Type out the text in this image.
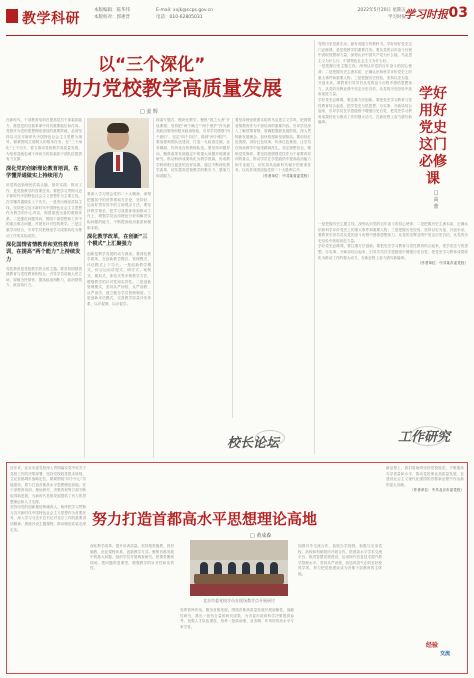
教学科研
本版编辑：陈华伟
本版校对：郭惠晋
E-mail: xxjk@ccps.gov.cn
电话：010-62805031
2022年5月20日 星期五
学习时报
学习时报 03
以“三个深化”
助力党校教学高质量发展
□ 姜 辉
在新时代，干部教育培训在提高党员干部素质能力、推进党的自我革命中具有重要地位和作用。党校作为党的思想理论建设的重要阵地，必须坚持以习近平新时代中国特色社会主义思想为指导，紧紧围绕立德树人的根本任务，在“三个深化”上下功夫，着力推动党校教学高质量发展，为培养造就忠诚干净担当的高素质干部队伍提供有力支撑。
深化党的创新理论教育培训，在学懂弄通做实上持续用力
用党的创新理论武装头脑、指导实践、推动工作，是党校教学的首要任务。要把学习贯彻习近平新时代中国特色社会主义思想作为主课主线，在学懂弄通做实上下功夫。一是突出理论武装主线，坚持把习近平新时代中国特色社会主义思想作为教学的中心内容，构建系统完备的课程体系。二是强化问题导向，围绕干部思想和工作中的重点难点问题，开展有针对性的教学。三是注重学用结合，引导学员把理论学习成果转化为推动工作的实际成效。
深化国情省情教育和党性教育培训，在提高“两个能力”上持续发力
党性教育是党校教学的永恒主题。要坚持国情省情教育与党性教育相结合，引导学员站稳人民立场，厚植为民情怀，提高政治判断力、政治领悟力、政治执行力。
要深入学习领会党的二十大精神，深刻把握其中的世界观和方法论，坚持好、运用好贯穿其中的立场观点方法。要坚持教学相长，把学习成果体现到推动工作上，增强学员运用理论分析和解决实际问题的能力，不断提高政治素质和履职本领。
深化教学改革，在创新“三个模式”上汇聚强力
创新是教学发展的动力源泉。要深化教学改革，在创新教学模式、管理模式、评估模式上下功夫。一是创新教学模式，综合运用讲授式、研讨式、案例式、模拟式、体验式等多种教学方法，增强教学的针对性和实效性。二是创新管理模式，坚持从严治校、从严治教、从严治学，建立健全学员管理制度。三是创新评估模式，完善教学质量评估体系，以评促教、以评促学。
探索专题式、模块化教学，聚焦“国之大者”开设课程。坚持把“两个确立”“两个维护”作为最高政治原则和根本政治规矩，引导学员增强“四个意识”、坚定“四个自信”、做到“两个维护”。要加强师资队伍建设，打造一支政治过硬、业务精湛、作风优良的教师队伍。要坚持问题导向，聚焦改革发展稳定中的重大问题开展调查研究，推动科研成果转化为教学资源，形成教学科研相互促进的良好局面。通过不断深化教学改革，切实提高党校教学的吸引力、感染力和说服力。
要坚持理论联系实际的马克思主义学风，把国情省情教育作为干部培训的重要内容。引导学员深入了解国情省情，准确把握新发展阶段、深入贯彻新发展理念、加快构建新发展格局。要用好红色资源，讲好红色故事，传承红色基因，让学员在现场教学中接受精神洗礼，坚定理想信念，锤炼党性修养。要坚持把增强党性作为干部教育培训的重点，推动学员在学思践悟中提高政治能力和专业能力，切实担负起新时代赋予的使命任务，以优异成绩迎接党的二十大胜利召开。
（作者单位：中共某省委党校）
党的历史是最生动、最有说服力的教科书。学好用好党史这门必修课，是党校教学的重要任务。要从党的百年奋斗历程中汲取智慧和力量，深刻认识中国共产党为什么能、马克思主义为什么行、中国特色社会主义为什么好。
一是把握历史主题主线，深刻认识党的百年奋斗的初心使命；二是把握历史主流本质，正确认识和科学评价党史上的重大事件和重要人物；三是把握历史经验，坚持以史为鉴、开创未来。要教育引导学员从党的奋斗历程中感悟思想伟力，从党的光辉业绩中坚定历史自信，从党的历史经验中汲取前进力量。
学好党史必修课，要注重方法创新。要把党史学习教育与党性教育结合起来，把学党史与悟思想、办实事、开新局结合起来，引导学员在学思践悟中增强历史自觉，把党史学习教育成果转化为推动工作的强大动力，在新征程上奋力谱写新篇章。
学好用好党史这门必修课
□ 高 蕾
一是把握历史主题主线，深刻认识党的百年奋斗的初心使命；二是把握历史主流本质，正确认识和科学评价党史上的重大事件和重要人物；三是把握历史经验，坚持以史为鉴、开创未来。要教育引导学员从党的奋斗历程中感悟思想伟力，从党的光辉业绩中坚定历史自信，从党的历史经验中汲取前进力量。
学好党史必修课，要注重方法创新。要把党史学习教育与党性教育结合起来，把学党史与悟思想、办实事、开新局结合起来，引导学员在学思践悟中增强历史自觉，把党史学习教育成果转化为推动工作的强大动力，在新征程上奋力谱写新篇章。
（作者单位：中共某市委党校）
校长论坛	工作研究
努力打造首都高水平思想理论高地
□ 黄成森
近年来，北京市委党校深入贯彻落实党中央关于党校工作的决策部署，坚持党校姓党根本原则，立足首都城市战略定位，紧紧围绕“四个中心”功能建设，着力打造首都高水平思想理论高地。在干部教育培训、理论研究、决策咨询等方面不断取得新进展，为新时代首都发展提供了有力的思想保证和人才支撑。
坚持用党的创新理论铸魂育人。始终把学习贯彻习近平新时代中国特色社会主义思想作为首要任务，深入学习习近平总书记对北京工作的重要讲话精神，系统开设主题课程，推动理论武装走深走实。
深化教学改革，提升培训质量。坚持按需施教、因材施教，优化课程体系，创新教学方式。聚焦首都发展中的重大问题，组织学员开展调查研究，把课堂搬到现场，把问题带进课堂，增强教学的针对性和实效性。
发挥智库作用，服务首都发展。围绕首都高质量发展开展前瞻性、战略性研究，推出一批有分量的研究成果，为市委市政府科学决策提供参考。加强人才队伍建设，培养一批政治强、业务精、作风好的高水平专家学者。
加强对外交流合作，拓展办学视野。积极与兄弟党校、高校和科研院所开展合作，搭建高水平学术交流平台。推进智慧党校建设，运用现代信息技术提升教学管理水平。坚持从严治校，营造风清气正的良好校风学风，努力把党校建设成为首都干部教育的主阵地。
新征程上，我们将始终坚持党校姓党，不断提高办学质量和水平，推动党校事业高质量发展，在建设社会主义现代化强国的首都新征程中作出新的更大贡献。
（作者单位：中共北京市委党校）
北京市委党校学员在现场教学点开展研讨
经验
交流
